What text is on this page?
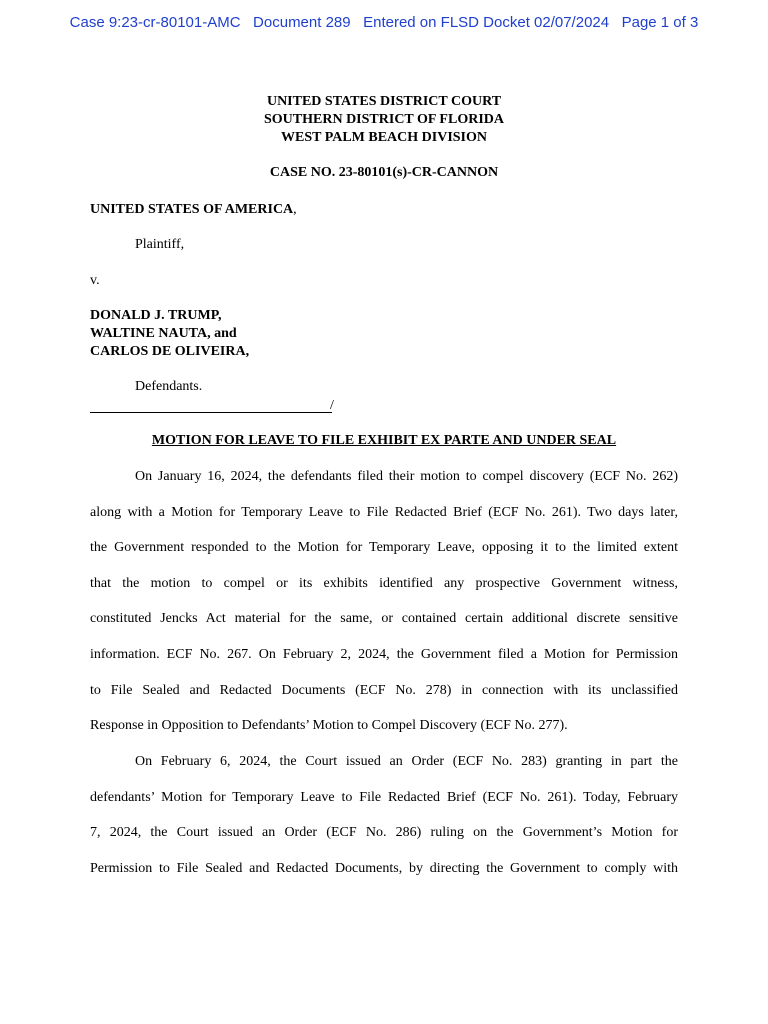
Case 9:23-cr-80101-AMC   Document 289   Entered on FLSD Docket 02/07/2024   Page 1 of 3
UNITED STATES DISTRICT COURT
SOUTHERN DISTRICT OF FLORIDA
WEST PALM BEACH DIVISION
CASE NO. 23-80101(s)-CR-CANNON
UNITED STATES OF AMERICA,
Plaintiff,
v.
DONALD J. TRUMP,
WALTINE NAUTA, and
CARLOS DE OLIVEIRA,
Defendants.
/
MOTION FOR LEAVE TO FILE EXHIBIT EX PARTE AND UNDER SEAL
On January 16, 2024, the defendants filed their motion to compel discovery (ECF No. 262)
along with a Motion for Temporary Leave to File Redacted Brief (ECF No. 261). Two days later,
the Government responded to the Motion for Temporary Leave, opposing it to the limited extent
that the motion to compel or its exhibits identified any prospective Government witness,
constituted Jencks Act material for the same, or contained certain additional discrete sensitive
information. ECF No. 267. On February 2, 2024, the Government filed a Motion for Permission
to File Sealed and Redacted Documents (ECF No. 278) in connection with its unclassified
Response in Opposition to Defendants’ Motion to Compel Discovery (ECF No. 277).
On February 6, 2024, the Court issued an Order (ECF No. 283) granting in part the
defendants’ Motion for Temporary Leave to File Redacted Brief (ECF No. 261). Today, February
7, 2024, the Court issued an Order (ECF No. 286) ruling on the Government’s Motion for
Permission to File Sealed and Redacted Documents, by directing the Government to comply with
